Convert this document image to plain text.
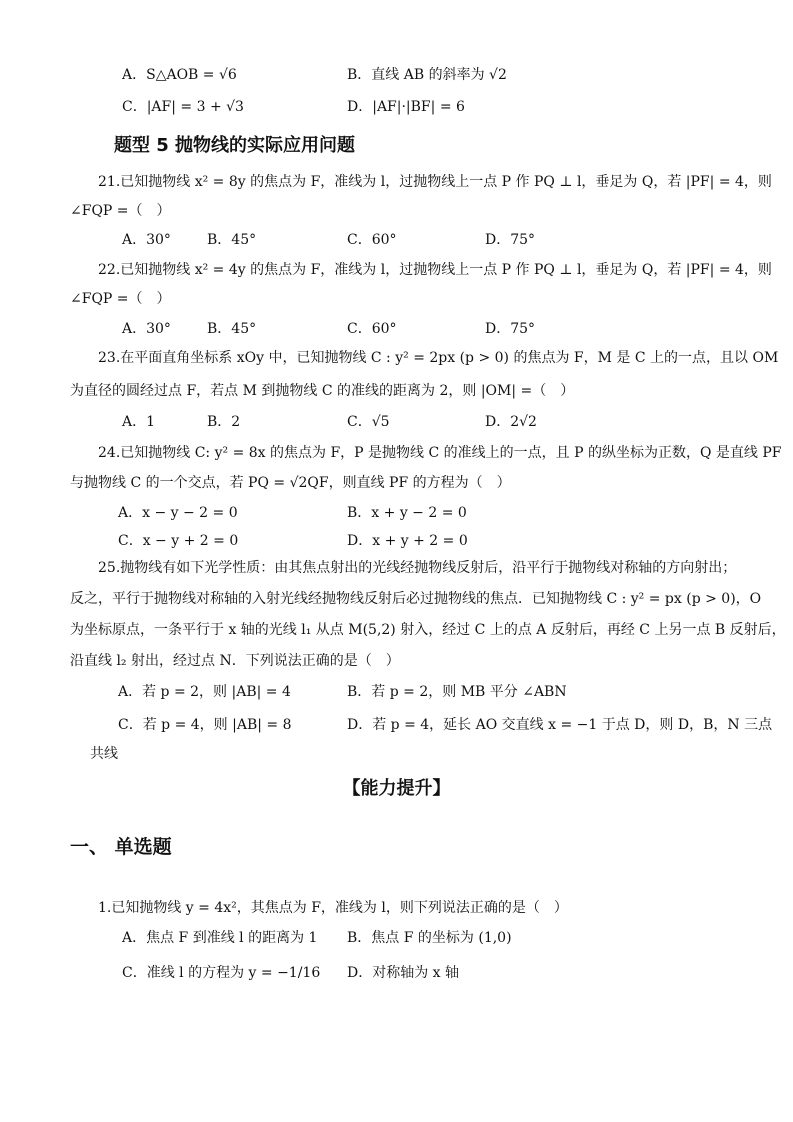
A．S△AOB = √6	B．直线 AB 的斜率为 √2
C．|AF| = 3 + √3	D．|AF|·|BF| = 6
题型 5 抛物线的实际应用问题
21.已知抛物线 x² = 8y 的焦点为 F，准线为 l，过抛物线上一点 P 作 PQ ⊥ l，垂足为 Q，若 |PF| = 4，则
∠FQP =（　）
A．30°	B．45°	C．60°	D．75°
22.已知抛物线 x² = 4y 的焦点为 F，准线为 l，过抛物线上一点 P 作 PQ ⊥ l，垂足为 Q，若 |PF| = 4，则
∠FQP =（　）
A．30°	B．45°	C．60°	D．75°
23.在平面直角坐标系 xOy 中，已知抛物线 C : y² = 2px (p > 0) 的焦点为 F，M 是 C 上的一点，且以 OM
为直径的圆经过点 F，若点 M 到抛物线 C 的准线的距离为 2，则 |OM| =（　）
A．1	B．2	C．√5	D．2√2
24.已知抛物线 C: y² = 8x 的焦点为 F，P 是抛物线 C 的准线上的一点，且 P 的纵坐标为正数，Q 是直线 PF
与抛物线 C 的一个交点，若 PQ = √2QF，则直线 PF 的方程为（　）
A．x − y − 2 = 0	B．x + y − 2 = 0
C．x − y + 2 = 0	D．x + y + 2 = 0
25.抛物线有如下光学性质：由其焦点射出的光线经抛物线反射后，沿平行于抛物线对称轴的方向射出；
反之，平行于抛物线对称轴的入射光线经抛物线反射后必过抛物线的焦点．已知抛物线 C : y² = px (p > 0)，O
为坐标原点，一条平行于 x 轴的光线 l₁ 从点 M(5,2) 射入，经过 C 上的点 A 反射后，再经 C 上另一点 B 反射后，
沿直线 l₂ 射出，经过点 N．下列说法正确的是（　）
A．若 p = 2，则 |AB| = 4	B．若 p = 2，则 MB 平分 ∠ABN
C．若 p = 4，则 |AB| = 8	D．若 p = 4，延长 AO 交直线 x = −1 于点 D，则 D，B，N 三点
共线
【能力提升】
一、 单选题
1.已知抛物线 y = 4x²，其焦点为 F，准线为 l，则下列说法正确的是（　）
A．焦点 F 到准线 l 的距离为 1 B．焦点 F 的坐标为 (1,0)
C．准线 l 的方程为 y = −1/16 D．对称轴为 x 轴
